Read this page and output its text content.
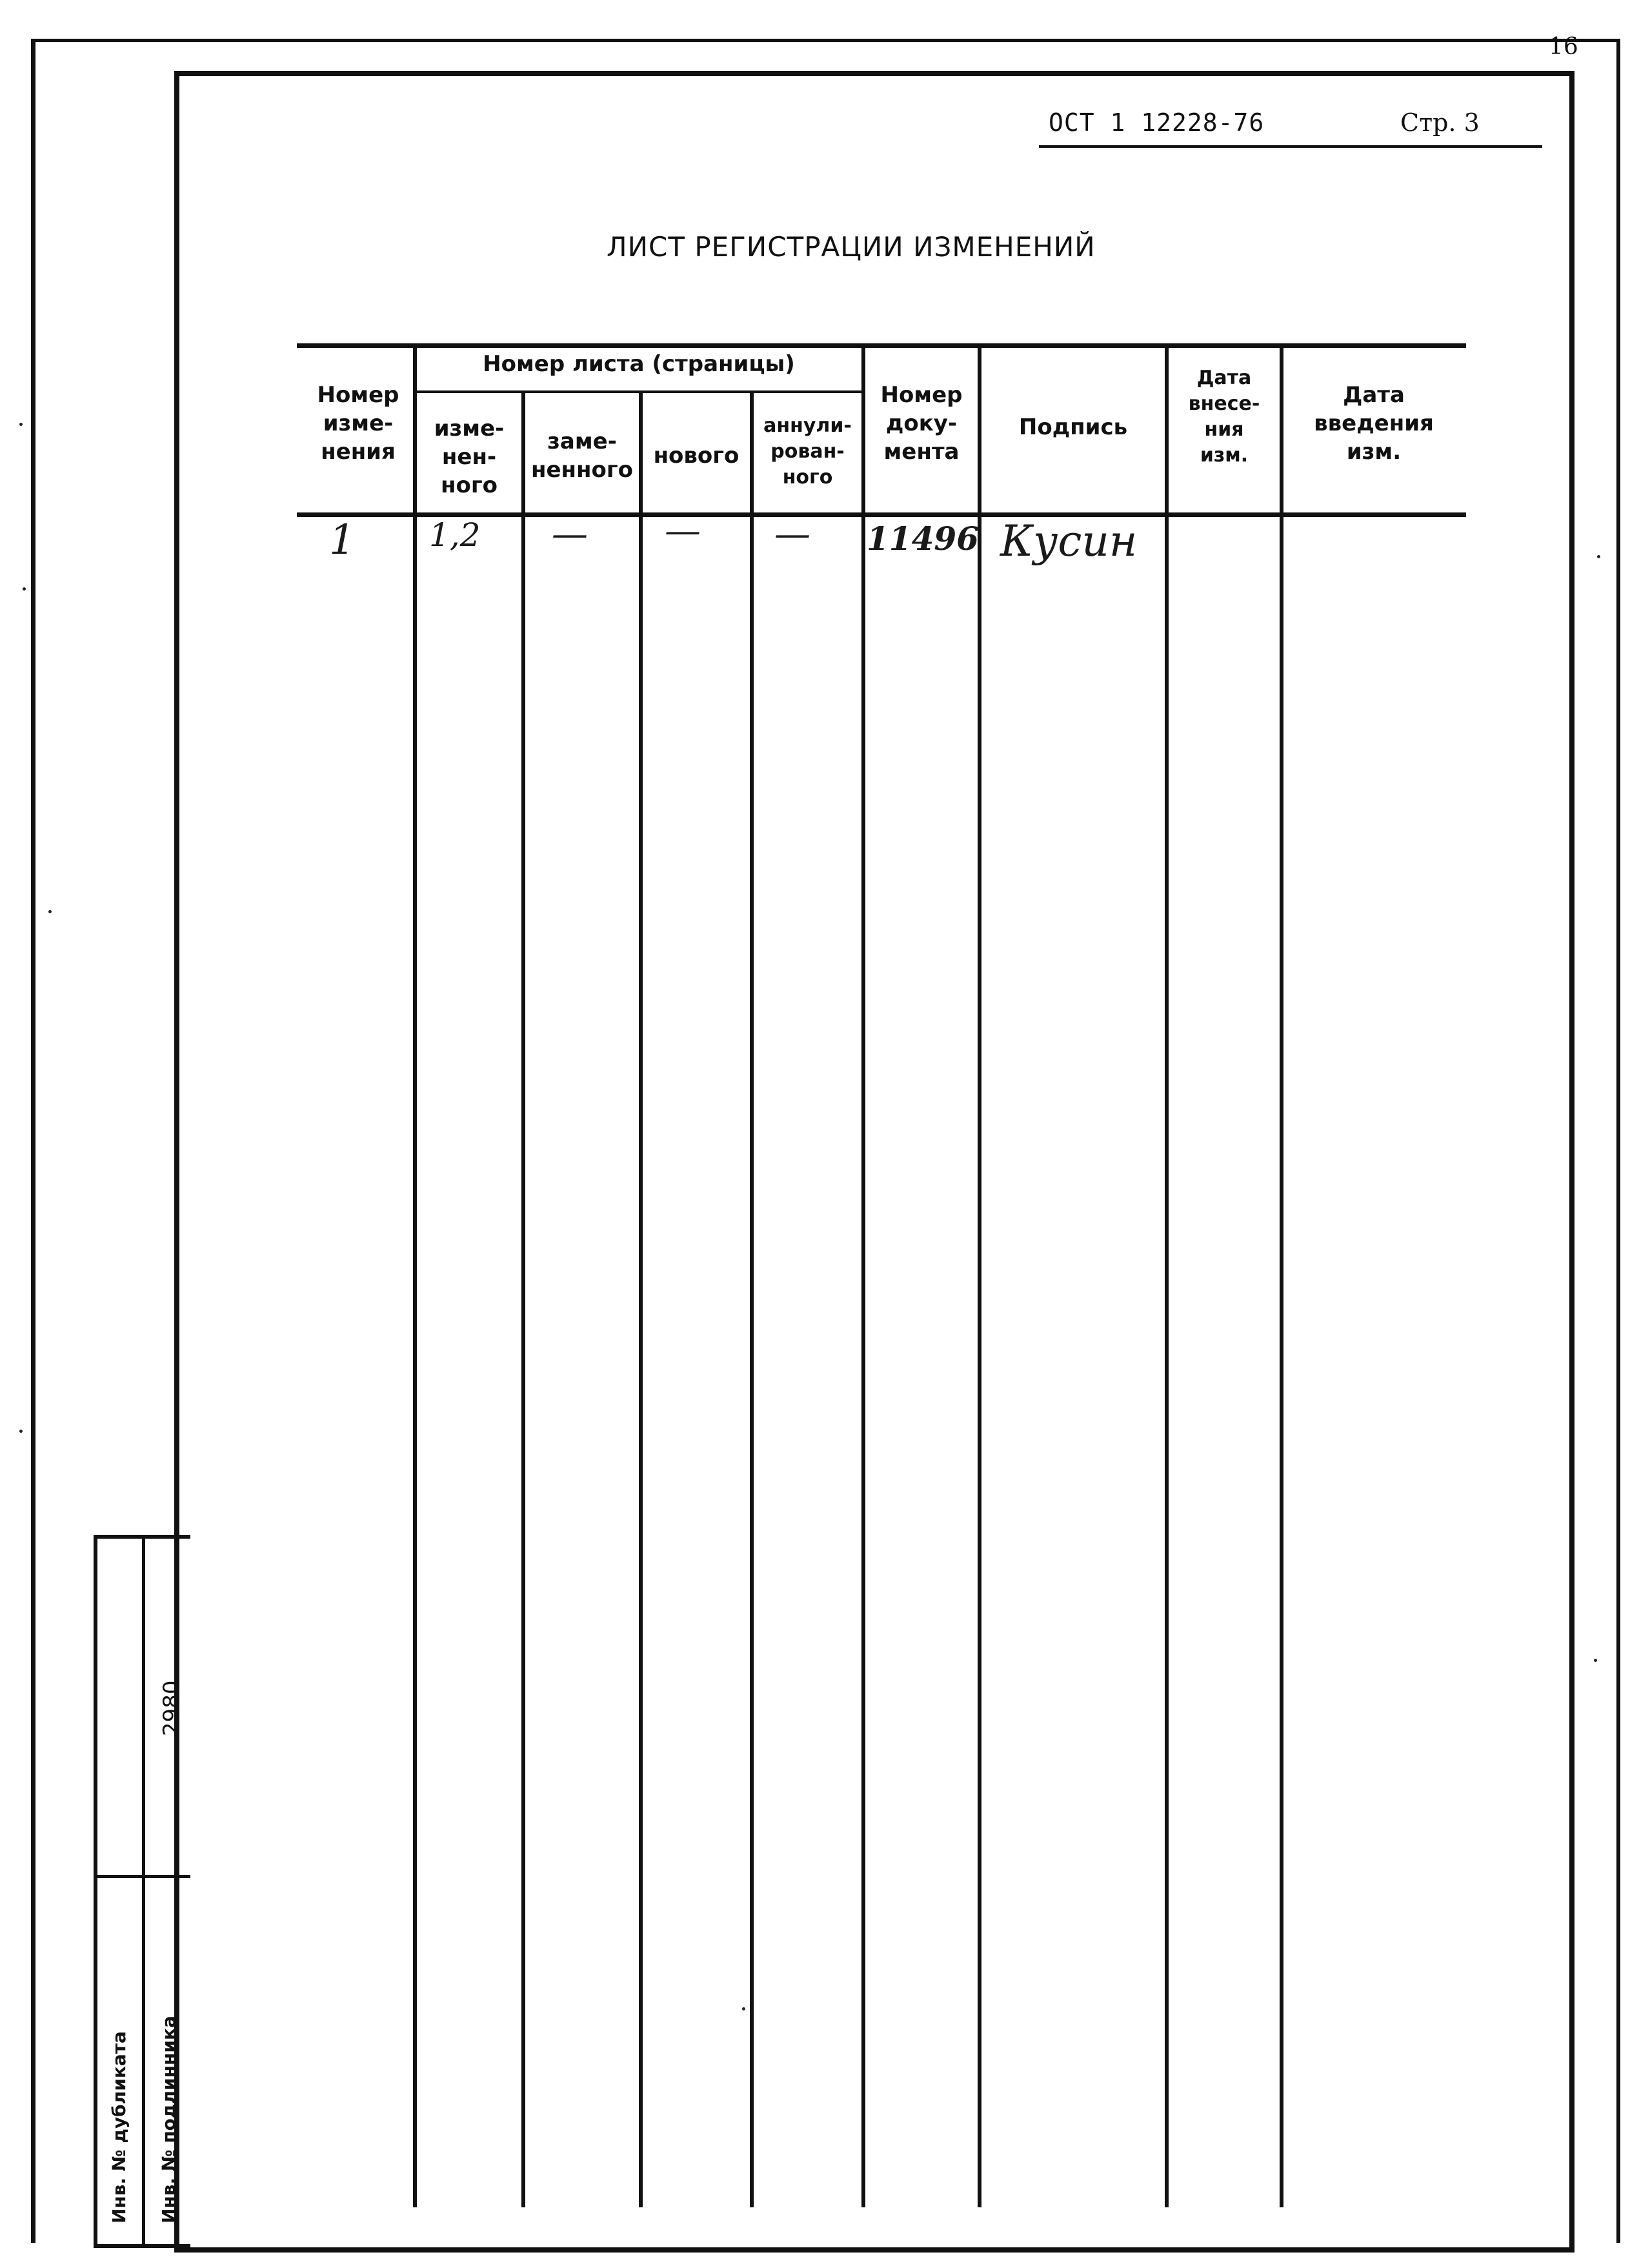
16
ОСТ 1 12228-76	Стр. 3
ЛИСТ РЕГИСТРАЦИИ ИЗМЕНЕНИЙ
Номер листа (страницы)
Номер
изме-
нения
изме-
нен-
ного
заме-
ненного
нового
аннули-
рован-
ного
Номер
доку-
мента
Подпись
Дата
внесе-
ния
изм.
Дата
введения
изм.
1 1,2 — — — 11496 Кусин
Инв. № дубликата Инв. № подлинника
2980
